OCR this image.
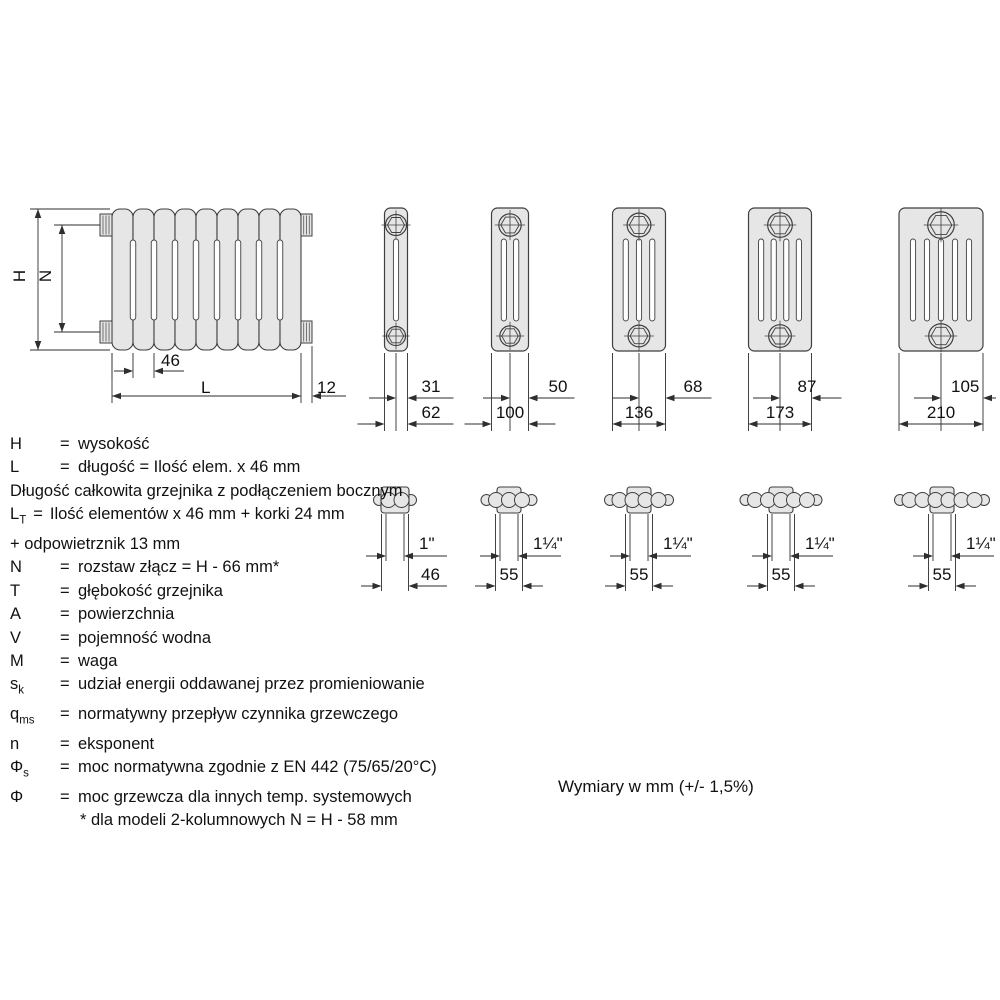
H N
46
L	12
H = wysokość
L = długość = Ilość elem. x 46 mm
Długość całkowita grzejnika z podłączeniem bocznym
$L_T$ = Ilość elementów x 46 mm + korki 24 mm
+ odpowietrznik 13 mm
N = rozstaw złącz = H - 66 mm*
T = głębokość grzejnika
A = powierzchnia
V = pojemność wodna
M = waga
$s_k$ = udział energii oddawanej przez promieniowanie
$q_{ms}$ = normatywny przepływ czynnika grzewczego
n = eksponent
$\Phi_s$ = moc normatywna zgodnie z EN 442 (75/65/20°C)
Φ = moc grzewcza dla innych temp. systemowych
* dla modeli 2-kolumnowych N = H - 58 mm
Wymiary w mm (+/- 1,5%)
31
62
50
100
68
136
87
173
105
210
1"
46
1¼"
55
1¼"
55
1¼"
55
1¼"
55
